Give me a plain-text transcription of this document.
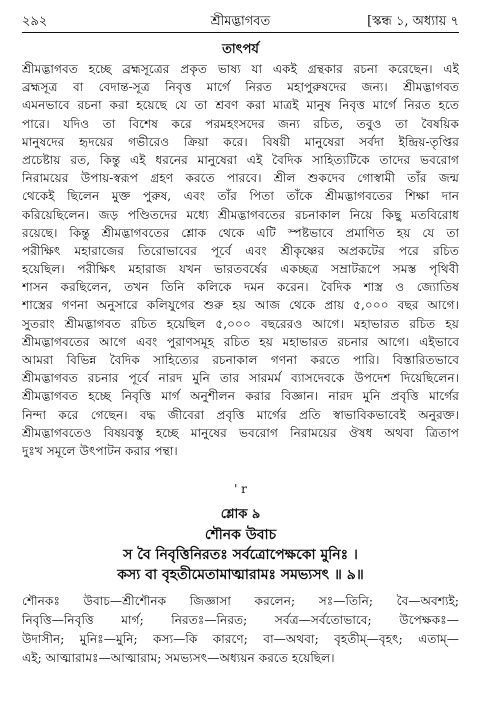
২৯২	শ্রীমদ্ভাগবত	[স্কন্ধ ১, অধ্যায় ৭
তাৎপর্য
শ্রীমদ্ভাগবত হচ্ছে ব্রহ্মসূত্রের প্রকৃত ভাষ্য যা একই গ্রন্থকার রচনা করেছেন। এই
ব্রহ্মসূত্র বা বেদান্ত-সূত্র নিবৃত্ত মার্গে নিরত মহাপুরুষদের জন্য। শ্রীমদ্ভাগবত
এমনভাবে রচনা করা হয়েছে যে তা শ্রবণ করা মাত্রই মানুষ নিবৃত্ত মার্গে নিরত হতে
পারে। যদিও তা বিশেষ করে পরমহংসদের জন্য রচিত, তবুও তা বৈষয়িক
মানুষদের হৃদয়ের গভীরেও ক্রিয়া করে। বিষয়ী মানুষেরা সর্বদা ইন্দ্রিয়-তৃপ্তির
প্রচেষ্টায় রত, কিন্তু এই ধরনের মানুষেরা এই বৈদিক সাহিত্যটিকে তাদের ভবরোগ
নিরাময়ের উপায়-স্বরূপ গ্রহণ করতে পারবে। শ্রীল শুকদেব গোস্বামী তাঁর জন্ম
থেকেই ছিলেন মুক্ত পুরুষ, এবং তাঁর পিতা তাঁকে শ্রীমদ্ভাগবতের শিক্ষা দান
করিয়েছিলেন। জড় পণ্ডিতদের মধ্যে শ্রীমদ্ভাগবতের রচনাকাল নিয়ে কিছু মতবিরোধ
রয়েছে। কিন্তু শ্রীমদ্ভাগবতের শ্লোক থেকে এটি স্পষ্টভাবে প্রমাণিত হয় যে তা
পরীক্ষিৎ মহারাজের তিরোভাবের পূর্বে এবং শ্রীকৃষ্ণের অপ্রকটের পরে রচিত
হয়েছিল। পরীক্ষিৎ মহারাজ যখন ভারতবর্ষের একচ্ছত্র সম্রাটরূপে সমস্ত পৃথিবী
শাসন করছিলেন, তখন তিনি কলিকে দমন করেন। বৈদিক শাস্ত্র ও জ্যোতিষ
শাস্ত্রের গণনা অনুসারে কলিযুগের শুরু হয় আজ থেকে প্রায় ৫,০০০ বছর আগে।
সুতরাং শ্রীমদ্ভাগবত রচিত হয়েছিল ৫,০০০ বছরেরও আগে। মহাভারত রচিত হয়
শ্রীমদ্ভাগবতের আগে এবং পুরাণসমূহ রচিত হয় মহাভারত রচনার আগে। এইভাবে
আমরা বিভিন্ন বৈদিক সাহিত্যের রচনাকাল গণনা করতে পারি। বিস্তারিতভাবে
শ্রীমদ্ভাগবত রচনার পূর্বে নারদ মুনি তার সারমর্ম ব্যাসদেবকে উপদেশ দিয়েছিলেন।
শ্রীমদ্ভাগবত হচ্ছে নিবৃত্তি মার্গ অনুশীলন করার বিজ্ঞান। নারদ মুনি প্রবৃত্তি মার্গের
নিন্দা করে গেছেন। বদ্ধ জীবেরা প্রবৃত্তি মার্গের প্রতি স্বাভাবিকভাবেই অনুরক্ত।
শ্রীমদ্ভাগবতেও বিষয়বস্তু হচ্ছে মানুষের ভবরোগ নিরাময়ের ঔষধ অথবা ত্রিতাপ
দুঃখ সমূলে উৎপাটন করার পন্থা।
' r
শ্লোক ৯
শৌনক উবাচ
স বৈ নিবৃত্তিনিরতঃ সর্বত্রোপেক্ষকো মুনিঃ ।
কস্য বা বৃহতীমেতামাত্মারামঃ সমভ্যসৎ ॥ ৯॥
শৌনকঃ উবাচ—শ্রীশৌনক জিজ্ঞাসা করলেন; সঃ—তিনি; বৈ—অবশ্যই;
নিবৃত্তি—নিবৃত্তি মার্গ; নিরতঃ—নিরত; সর্বত্র—সর্বতোভাবে; উপেক্ষকঃ—
উদাসীন; মুনিঃ—মুনি; কস্য—কি কারণে; বা—অথবা; বৃহতীম্—বৃহৎ; এতাম্—
এই; আত্মারামঃ—আত্মারাম; সমভ্যসৎ—অধ্যয়ন করতে হয়েছিল।
